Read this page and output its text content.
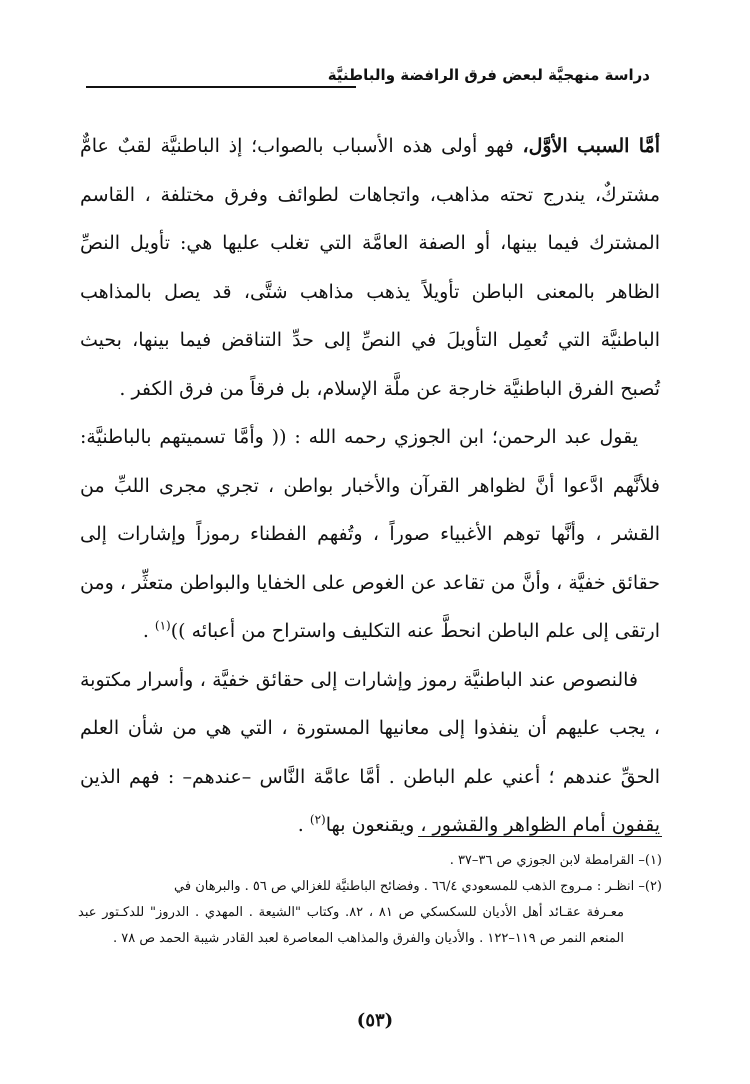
دراسة منهجيَّة لبعض فرق الرافضة والباطنيَّة

أمَّا السبب الأوَّل، فهو أولى هذه الأسباب بالصواب؛ إذ الباطنيَّة لقبٌ عامٌّ مشتركٌ، يندرج تحته مذاهب، واتجاهات لطوائف وفرق مختلفة ، القاسم المشترك فيما بينها، أو الصفة العامَّة التي تغلب عليها هي: تأويل النصِّ الظاهر بالمعنى الباطن تأويلاً يذهب مذاهب شتَّى، قد يصل بالمذاهب الباطنيَّة التي تُعمِل التأويلَ في النصِّ إلى حدِّ التناقض فيما بينها، بحيث تُصبح الفرق الباطنيَّة خارجة عن ملَّة الإسلام، بل فرقاً من فرق الكفر .

يقول عبد الرحمن؛ ابن الجوزي رحمه الله : (( وأمَّا تسميتهم بالباطنيَّة: فلأنَّهم ادَّعوا أنَّ لظواهر القرآن والأخبار بواطن ، تجري مجرى اللبِّ من القشر ، وأنَّها توهم الأغبياء صوراً ، وتُفهم الفطناء رموزاً وإشارات إلى حقائق خفيَّة ، وأنَّ من تقاعد عن الغوص على الخفايا والبواطن متعثِّر ، ومن ارتقى إلى علم الباطن انحطَّ عنه التكليف واستراح من أعبائه ))$^{(١)}$ .

فالنصوص عند الباطنيَّة رموز وإشارات إلى حقائق خفيَّة ، وأسرار مكتوبة ، يجب عليهم أن ينفذوا إلى معانيها المستورة ، التي هي من شأن العلم الحقِّ عندهم ؛ أعني علم الباطن . أمَّا عامَّة النَّاس –عندهم– : فهم الذين يقفون أمام الظواهر والقشور ، ويقنعون بها$^{(٢)}$ .

(١)– القرامطة لابن الجوزي ص ٣٦–٣٧ .

(٢)– انظـر : مـروج الذهب للمسعودي ٦٦/٤ . وفضائح الباطنيَّة للغزالي ص ٥٦ . والبرهان في

معـرفة عقـائد أهل الأديان للسكسكي ص ٨١ ، ٨٢. وكتاب "الشيعة . المهدي . الدروز" للدكـتور عبد المنعم النمر ص ١١٩–١٢٢ . والأديان والفرق والمذاهب المعاصرة لعبد القادر شيبة الحمد ص ٧٨ .

(٥٣)
